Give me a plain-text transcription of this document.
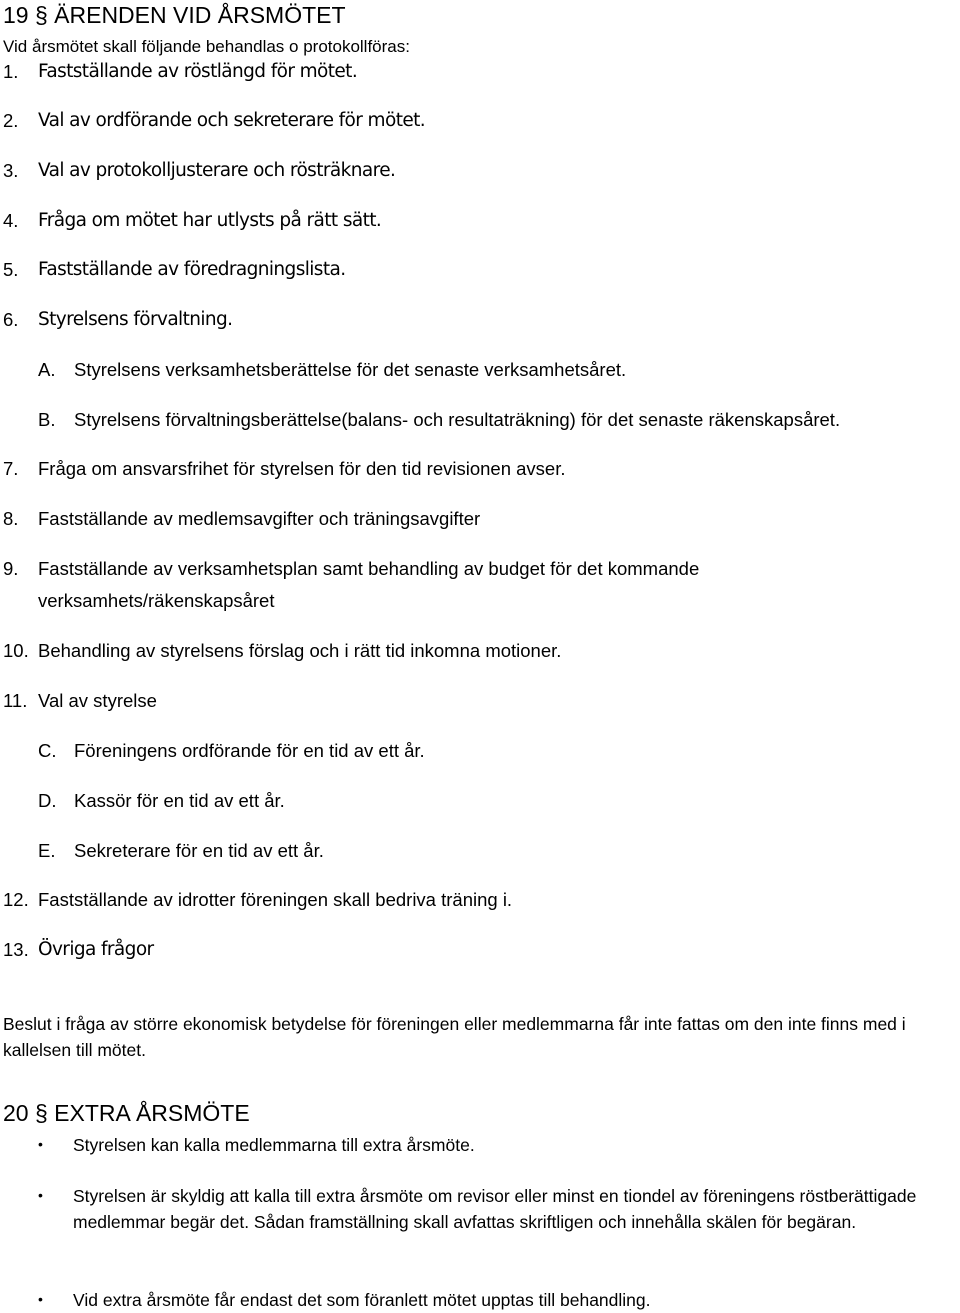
19 § ÄRENDEN VID ÅRSMÖTET
Vid årsmötet skall följande behandlas o protokollföras:
1. Fastställande av röstlängd för mötet.
2. Val av ordförande och sekreterare för mötet.
3. Val av protokolljusterare och rösträknare.
4. Fråga om mötet har utlysts på rätt sätt.
5. Fastställande av föredragningslista.
6. Styrelsens förvaltning.
A. Styrelsens verksamhetsberättelse för det senaste verksamhetsåret.
B. Styrelsens förvaltningsberättelse(balans- och resultaträkning) för det senaste räkenskapsåret.
7. Fråga om ansvarsfrihet för styrelsen för den tid revisionen avser.
8. Fastställande av medlemsavgifter och träningsavgifter
9. Fastställande av verksamhetsplan samt behandling av budget för det kommande
verksamhets/räkenskapsåret
10. Behandling av styrelsens förslag och i rätt tid inkomna motioner.
11. Val av styrelse
C. Föreningens ordförande för en tid av ett år.
D. Kassör för en tid av ett år.
E. Sekreterare för en tid av ett år.
12. Fastställande av idrotter föreningen skall bedriva träning i.
13. Övriga frågor
Beslut i fråga av större ekonomisk betydelse för föreningen eller medlemmarna får inte fattas om den inte finns med i kallelsen till mötet.
20 § EXTRA ÅRSMÖTE
• Styrelsen kan kalla medlemmarna till extra årsmöte.
• Styrelsen är skyldig att kalla till extra årsmöte om revisor eller minst en tiondel av föreningens röstberättigade medlemmar begär det. Sådan framställning skall avfattas skriftligen och innehålla skälen för begäran.
• Vid extra årsmöte får endast det som föranlett mötet upptas till behandling.
